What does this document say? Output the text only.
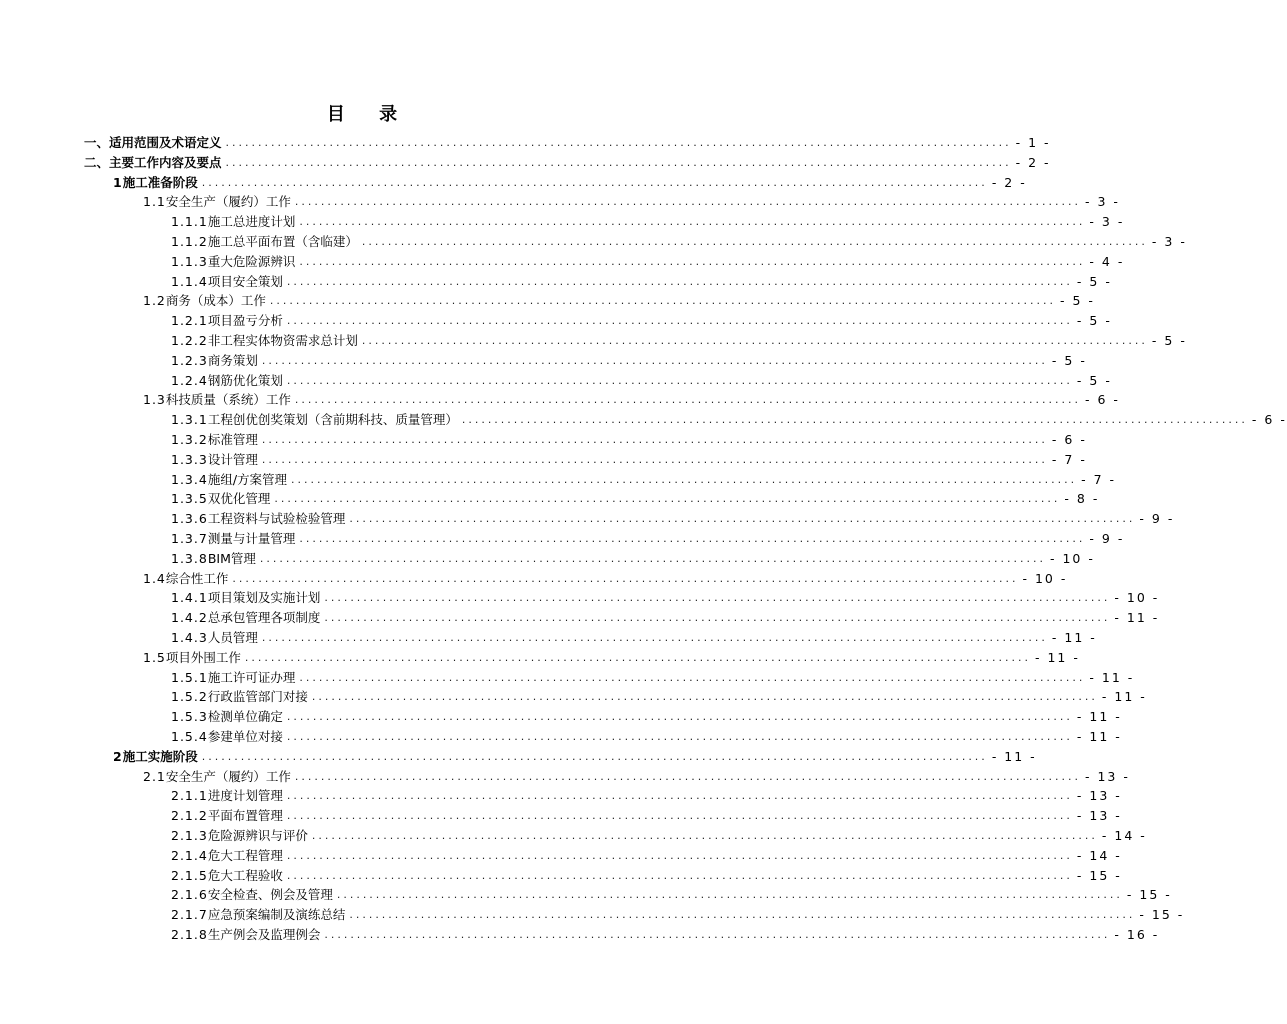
目 录
一、适用范围及术语定义 ......................................................................................................................... - 1 -
二、主要工作内容及要点 ......................................................................................................................... - 2 -
1 施工准备阶段 ......................................................................................................................... - 2 -
1.1 安全生产（履约）工作 ......................................................................................................................... - 3 -
1.1.1 施工总进度计划 ......................................................................................................................... - 3 -
1.1.2 施工总平面布置（含临建） ......................................................................................................................... - 3 -
1.1.3 重大危险源辨识 ......................................................................................................................... - 4 -
1.1.4 项目安全策划 ......................................................................................................................... - 5 -
1.2 商务（成本）工作 ......................................................................................................................... - 5 -
1.2.1 项目盈亏分析 ......................................................................................................................... - 5 -
1.2.2 非工程实体物资需求总计划 ......................................................................................................................... - 5 -
1.2.3 商务策划 ......................................................................................................................... - 5 -
1.2.4 钢筋优化策划 ......................................................................................................................... - 5 -
1.3 科技质量（系统）工作 ......................................................................................................................... - 6 -
1.3.1 工程创优创奖策划（含前期科技、质量管理） ......................................................................................................................... - 6 -
1.3.2 标准管理 ......................................................................................................................... - 6 -
1.3.3 设计管理 ......................................................................................................................... - 7 -
1.3.4 施组/方案管理 ......................................................................................................................... - 7 -
1.3.5 双优化管理 ......................................................................................................................... - 8 -
1.3.6 工程资料与试验检验管理 ......................................................................................................................... - 9 -
1.3.7 测量与计量管理 ......................................................................................................................... - 9 -
1.3.8 BIM管理 ......................................................................................................................... - 10 -
1.4 综合性工作 ......................................................................................................................... - 10 -
1.4.1 项目策划及实施计划 ......................................................................................................................... - 10 -
1.4.2 总承包管理各项制度 ......................................................................................................................... - 11 -
1.4.3 人员管理 ......................................................................................................................... - 11 -
1.5 项目外围工作 ......................................................................................................................... - 11 -
1.5.1 施工许可证办理 ......................................................................................................................... - 11 -
1.5.2 行政监管部门对接 ......................................................................................................................... - 11 -
1.5.3 检测单位确定 ......................................................................................................................... - 11 -
1.5.4 参建单位对接 ......................................................................................................................... - 11 -
2 施工实施阶段 ......................................................................................................................... - 11 -
2.1 安全生产（履约）工作 ......................................................................................................................... - 13 -
2.1.1 进度计划管理 ......................................................................................................................... - 13 -
2.1.2 平面布置管理 ......................................................................................................................... - 13 -
2.1.3 危险源辨识与评价 ......................................................................................................................... - 14 -
2.1.4 危大工程管理 ......................................................................................................................... - 14 -
2.1.5 危大工程验收 ......................................................................................................................... - 15 -
2.1.6 安全检查、例会及管理 ......................................................................................................................... - 15 -
2.1.7 应急预案编制及演练总结 ......................................................................................................................... - 15 -
2.1.8 生产例会及监理例会 ......................................................................................................................... - 16 -
